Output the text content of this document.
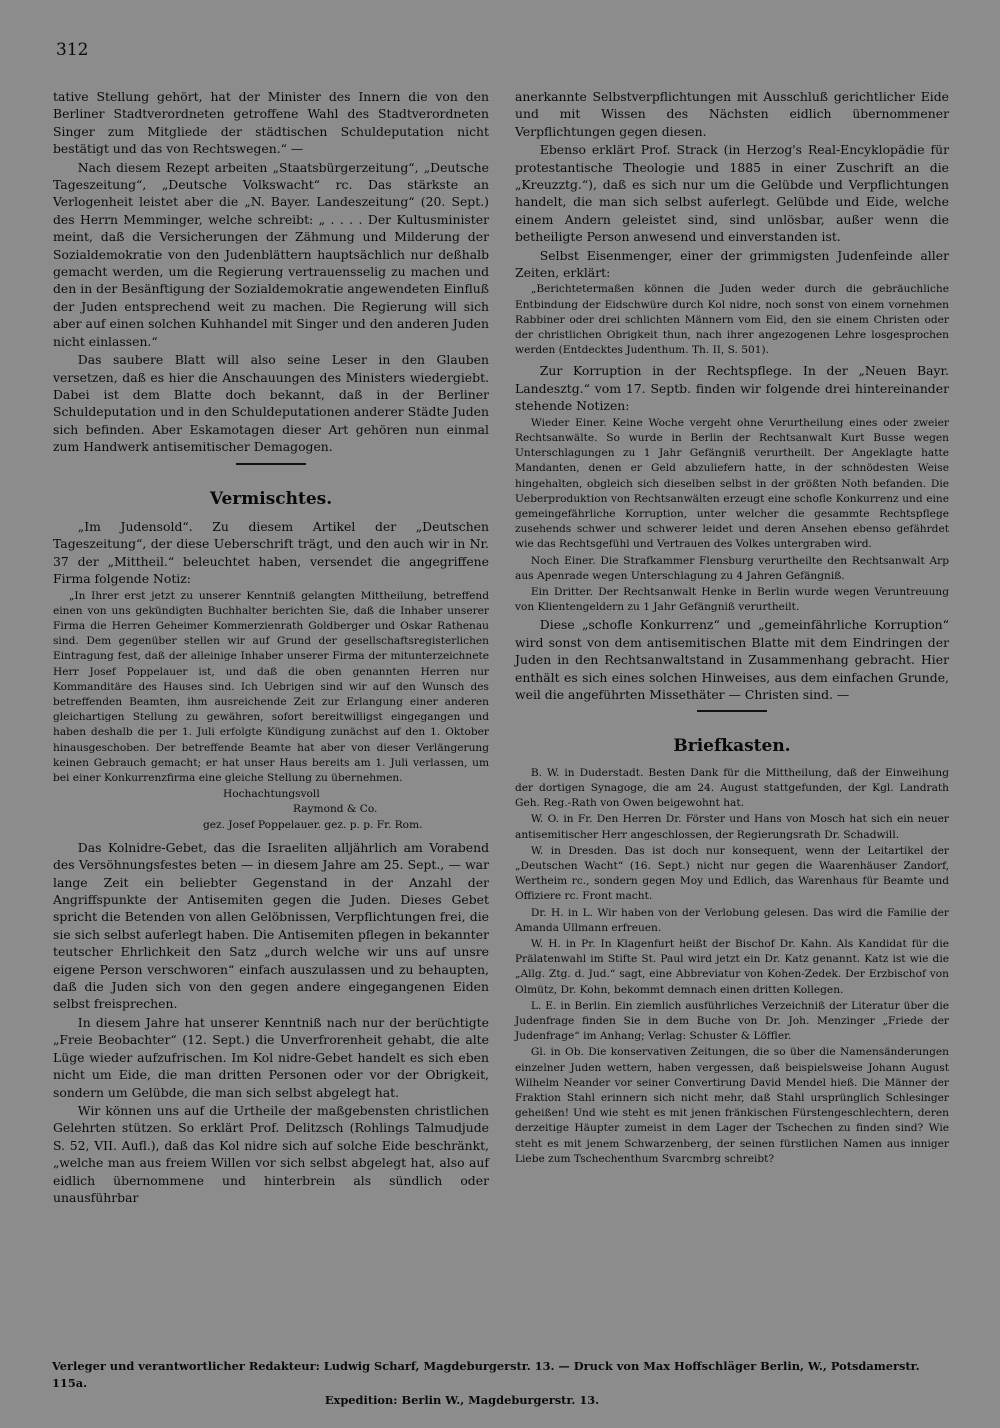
312

tative Stellung gehört, hat der Minister des Innern die von den Berliner Stadtverordneten getroffene Wahl des Stadtverordneten Singer zum Mitgliede der städtischen Schuldeputation nicht bestätigt und das von Rechtswegen.“ —

Nach diesem Rezept arbeiten „Staatsbürgerzeitung“, „Deutsche Tageszeitung“, „Deutsche Volkswacht“ rc. Das stärkste an Verlogenheit leistet aber die „N. Bayer. Landeszeitung“ (20. Sept.) des Herrn Memminger, welche schreibt: „ . . . . Der Kultusminister meint, daß die Versicherungen der Zähmung und Milderung der Sozialdemokratie von den Judenblättern hauptsächlich nur deßhalb gemacht werden, um die Regierung vertrauensselig zu machen und den in der Besänftigung der Sozialdemokratie angewendeten Einfluß der Juden entsprechend weit zu machen. Die Regierung will sich aber auf einen solchen Kuhhandel mit Singer und den anderen Juden nicht einlassen.“

Das saubere Blatt will also seine Leser in den Glauben versetzen, daß es hier die Anschauungen des Ministers wiedergiebt. Dabei ist dem Blatte doch bekannt, daß in der Berliner Schuldeputation und in den Schuldeputationen anderer Städte Juden sich befinden. Aber Eskamotagen dieser Art gehören nun einmal zum Handwerk antisemitischer Demagogen.

Vermischtes.

„Im Judensold“. Zu diesem Artikel der „Deutschen Tageszeitung“, der diese Ueberschrift trägt, und den auch wir in Nr. 37 der „Mittheil.“ beleuchtet haben, versendet die angegriffene Firma folgende Notiz:

„In Ihrer erst jetzt zu unserer Kenntniß gelangten Mittheilung, betreffend einen von uns gekündigten Buchhalter berichten Sie, daß die Inhaber unserer Firma die Herren Geheimer Kommerzienrath Goldberger und Oskar Rathenau sind. Dem gegenüber stellen wir auf Grund der gesellschaftsregisterlichen Eintragung fest, daß der alleinige Inhaber unserer Firma der mitunterzeichnete Herr Josef Poppelauer ist, und daß die oben genannten Herren nur Kommanditäre des Hauses sind. Ich Uebrigen sind wir auf den Wunsch des betreffenden Beamten, ihm ausreichende Zeit zur Erlangung einer anderen gleichartigen Stellung zu gewähren, sofort bereitwilligst eingegangen und haben deshalb die per 1. Juli erfolgte Kündigung zunächst auf den 1. Oktober hinausgeschoben. Der betreffende Beamte hat aber von dieser Verlängerung keinen Gebrauch gemacht; er hat unser Haus bereits am 1. Juli verlassen, um bei einer Konkurrenzfirma eine gleiche Stellung zu übernehmen.

Hochachtungsvoll
Raymond & Co.
gez. Josef Poppelauer. gez. p. p. Fr. Rom.

Das Kolnidre-Gebet, das die Israeliten alljährlich am Vorabend des Versöhnungsfestes beten — in diesem Jahre am 25. Sept., — war lange Zeit ein beliebter Gegenstand in der Anzahl der Angriffspunkte der Antisemiten gegen die Juden. Dieses Gebet spricht die Betenden von allen Gelöbnissen, Verpflichtungen frei, die sie sich selbst auferlegt haben. Die Antisemiten pflegen in bekannter teutscher Ehrlichkeit den Satz „durch welche wir uns auf unsre eigene Person verschworen“ einfach auszulassen und zu behaupten, daß die Juden sich von den gegen andere eingegangenen Eiden selbst freisprechen.

In diesem Jahre hat unserer Kenntniß nach nur der berüchtigte „Freie Beobachter“ (12. Sept.) die Unverfrorenheit gehabt, die alte Lüge wieder aufzufrischen. Im Kol nidre-Gebet handelt es sich eben nicht um Eide, die man dritten Personen oder vor der Obrigkeit, sondern um Gelübde, die man sich selbst abgelegt hat.

Wir können uns auf die Urtheile der maßgebensten christlichen Gelehrten stützen. So erklärt Prof. Delitzsch (Rohlings Talmudjude S. 52, VII. Aufl.), daß das Kol nidre sich auf solche Eide beschränkt, „welche man aus freiem Willen vor sich selbst abgelegt hat, also auf eidlich übernommene und hinterbrein als sündlich oder unausführbar

anerkannte Selbstverpflichtungen mit Ausschluß gerichtlicher Eide und mit Wissen des Nächsten eidlich übernommener Verpflichtungen gegen diesen.

Ebenso erklärt Prof. Strack (in Herzog's Real-Encyklopädie für protestantische Theologie und 1885 in einer Zuschrift an die „Kreuzztg.“), daß es sich nur um die Gelübde und Verpflichtungen handelt, die man sich selbst auferlegt. Gelübde und Eide, welche einem Andern geleistet sind, sind unlösbar, außer wenn die betheiligte Person anwesend und einverstanden ist.

Selbst Eisenmenger, einer der grimmigsten Judenfeinde aller Zeiten, erklärt:

„Berichtetermaßen können die Juden weder durch die gebräuchliche Entbindung der Eidschwüre durch Kol nidre, noch sonst von einem vornehmen Rabbiner oder drei schlichten Männern vom Eid, den sie einem Christen oder der christlichen Obrigkeit thun, nach ihrer angezogenen Lehre losgesprochen werden (Entdecktes Judenthum. Th. II, S. 501).

Zur Korruption in der Rechtspflege. In der „Neuen Bayr. Landesztg.“ vom 17. Septb. finden wir folgende drei hintereinander stehende Notizen:

Wieder Einer. Keine Woche vergeht ohne Verurtheilung eines oder zweier Rechtsanwälte. So wurde in Berlin der Rechtsanwalt Kurt Busse wegen Unterschlagungen zu 1 Jahr Gefängniß verurtheilt. Der Angeklagte hatte Mandanten, denen er Geld abzuliefern hatte, in der schnödesten Weise hingehalten, obgleich sich dieselben selbst in der größten Noth befanden. Die Ueberproduktion von Rechtsanwälten erzeugt eine schofle Konkurrenz und eine gemeingefährliche Korruption, unter welcher die gesammte Rechtspflege zusehends schwer und schwerer leidet und deren Ansehen ebenso gefährdet wie das Rechtsgefühl und Vertrauen des Volkes untergraben wird.

Noch Einer. Die Strafkammer Flensburg verurtheilte den Rechtsanwalt Arp aus Apenrade wegen Unterschlagung zu 4 Jahren Gefängniß.

Ein Dritter. Der Rechtsanwalt Henke in Berlin wurde wegen Veruntreuung von Klientengeldern zu 1 Jahr Gefängniß verurtheilt.

Diese „schofle Konkurrenz“ und „gemeinfährliche Korruption“ wird sonst von dem antisemitischen Blatte mit dem Eindringen der Juden in den Rechtsanwaltstand in Zusammenhang gebracht. Hier enthält es sich eines solchen Hinweises, aus dem einfachen Grunde, weil die angeführten Missethäter — Christen sind. —

Briefkasten.

B. W. in Duderstadt. Besten Dank für die Mittheilung, daß der Einweihung der dortigen Synagoge, die am 24. August stattgefunden, der Kgl. Landrath Geh. Reg.-Rath von Owen beigewohnt hat.

W. O. in Fr. Den Herren Dr. Förster und Hans von Mosch hat sich ein neuer antisemitischer Herr angeschlossen, der Regierungsrath Dr. Schadwill.

W. in Dresden. Das ist doch nur konsequent, wenn der Leitartikel der „Deutschen Wacht“ (16. Sept.) nicht nur gegen die Waarenhäuser Zandorf, Wertheim rc., sondern gegen Moy und Edlich, das Warenhaus für Beamte und Offiziere rc. Front macht.

Dr. H. in L. Wir haben von der Verlobung gelesen. Das wird die Familie der Amanda Ullmann erfreuen.

W. H. in Pr. In Klagenfurt heißt der Bischof Dr. Kahn. Als Kandidat für die Prälatenwahl im Stifte St. Paul wird jetzt ein Dr. Katz genannt. Katz ist wie die „Allg. Ztg. d. Jud.“ sagt, eine Abbreviatur von Kohen-Zedek. Der Erzbischof von Olmütz, Dr. Kohn, bekommt demnach einen dritten Kollegen.

L. E. in Berlin. Ein ziemlich ausführliches Verzeichniß der Literatur über die Judenfrage finden Sie in dem Buche von Dr. Joh. Menzinger „Friede der Judenfrage“ im Anhang; Verlag: Schuster & Löffler.

Gl. in Ob. Die konservativen Zeitungen, die so über die Namensänderungen einzelner Juden wettern, haben vergessen, daß beispielsweise Johann August Wilhelm Neander vor seiner Convertirung David Mendel hieß. Die Männer der Fraktion Stahl erinnern sich nicht mehr, daß Stahl ursprünglich Schlesinger geheißen! Und wie steht es mit jenen fränkischen Fürstengeschlechtern, deren derzeitige Häupter zumeist in dem Lager der Tschechen zu finden sind? Wie steht es mit jenem Schwarzenberg, der seinen fürstlichen Namen aus inniger Liebe zum Tschechenthum Svarcmbrg schreibt?

Verleger und verantwortlicher Redakteur: Ludwig Scharf, Magdeburgerstr. 13. — Druck von Max Hoffschläger Berlin, W., Potsdamerstr. 115a.
Expedition: Berlin W., Magdeburgerstr. 13.
